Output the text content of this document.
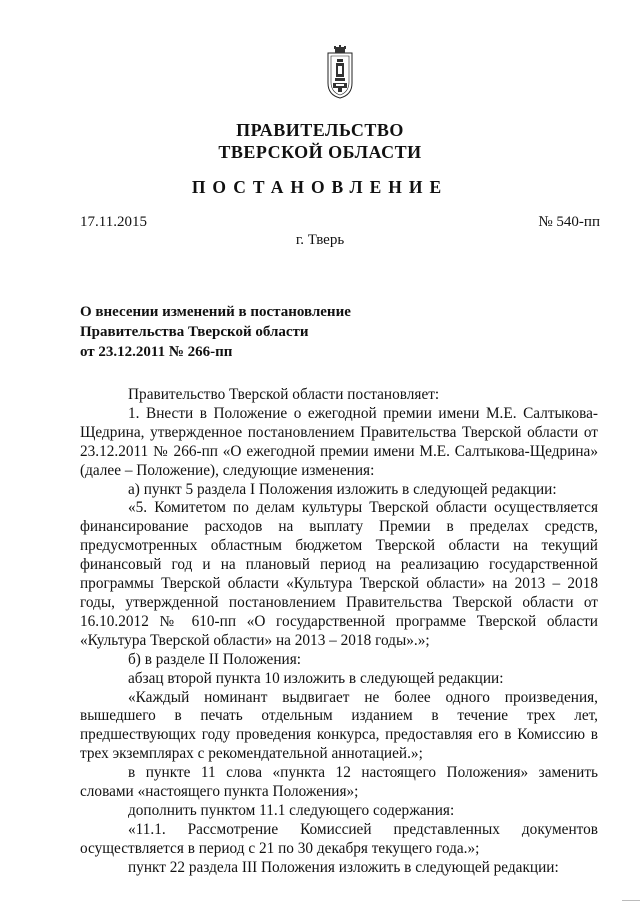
ПРАВИТЕЛЬСТВО
ТВЕРСКОЙ ОБЛАСТИ
ПОСТАНОВЛЕНИЕ
17.11.2015	№ 540-пп
г. Тверь
О внесении изменений в постановление
Правительства Тверской области
от 23.12.2011 № 266-пп

Правительство Тверской области постановляет:

1. Внести в Положение о ежегодной премии имени М.Е. Салтыкова-Щедрина, утвержденное постановлением Правительства Тверской области от 23.12.2011 № 266-пп «О ежегодной премии имени М.Е. Салтыкова-Щедрина» (далее – Положение), следующие изменения:

а) пункт 5 раздела I Положения изложить в следующей редакции:

«5. Комитетом по делам культуры Тверской области осуществляется финансирование расходов на выплату Премии в пределах средств, предусмотренных областным бюджетом Тверской области на текущий финансовый год и на плановый период на реализацию государственной программы Тверской области «Культура Тверской области» на 2013 – 2018 годы, утвержденной постановлением Правительства Тверской области от 16.10.2012 № 610-пп «О государственной программе Тверской области «Культура Тверской области» на 2013 – 2018 годы».»;

б) в разделе II Положения:

абзац второй пункта 10 изложить в следующей редакции:

«Каждый номинант выдвигает не более одного произведения, вышедшего в печать отдельным изданием в течение трех лет, предшествующих году проведения конкурса, предоставляя его в Комиссию в трех экземплярах с рекомендательной аннотацией.»;

в пункте 11 слова «пункта 12 настоящего Положения» заменить словами «настоящего пункта Положения»;

дополнить пунктом 11.1 следующего содержания:

«11.1. Рассмотрение Комиссией представленных документов осуществляется в период с 21 по 30 декабря текущего года.»;

пункт 22 раздела III Положения изложить в следующей редакции:
